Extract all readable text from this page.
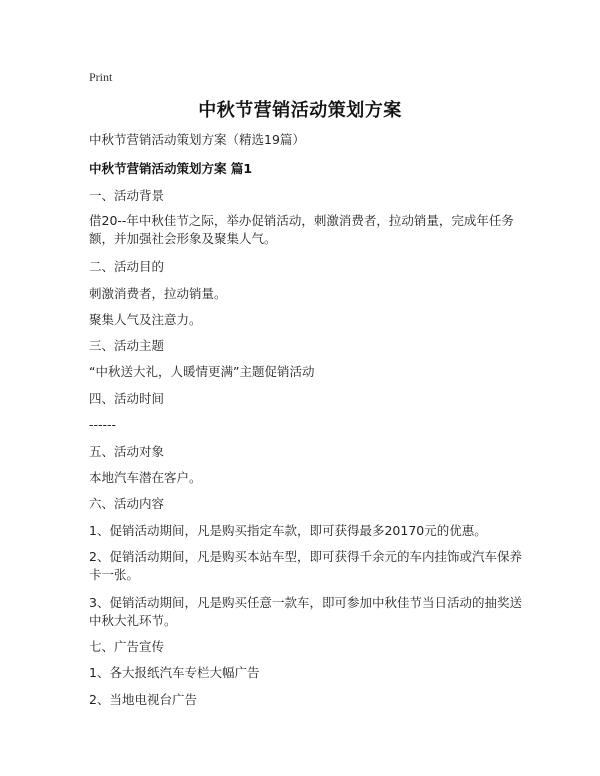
Print
中秋节营销活动策划方案
中秋节营销活动策划方案（精选19篇）
中秋节营销活动策划方案 篇1
一、活动背景
借20--年中秋佳节之际，举办促销活动，刺激消费者，拉动销量，完成年任务额，并加强社会形象及聚集人气。
二、活动目的
刺激消费者，拉动销量。
聚集人气及注意力。
三、活动主题
“中秋送大礼，人暖情更满”主题促销活动
四、活动时间
------
五、活动对象
本地汽车潜在客户。
六、活动内容
1、促销活动期间，凡是购买指定车款，即可获得最多20170元的优惠。
2、促销活动期间，凡是购买本站车型，即可获得千余元的车内挂饰或汽车保养卡一张。
3、促销活动期间，凡是购买任意一款车，即可参加中秋佳节当日活动的抽奖送中秋大礼环节。
七、广告宣传
1、各大报纸汽车专栏大幅广告
2、当地电视台广告
